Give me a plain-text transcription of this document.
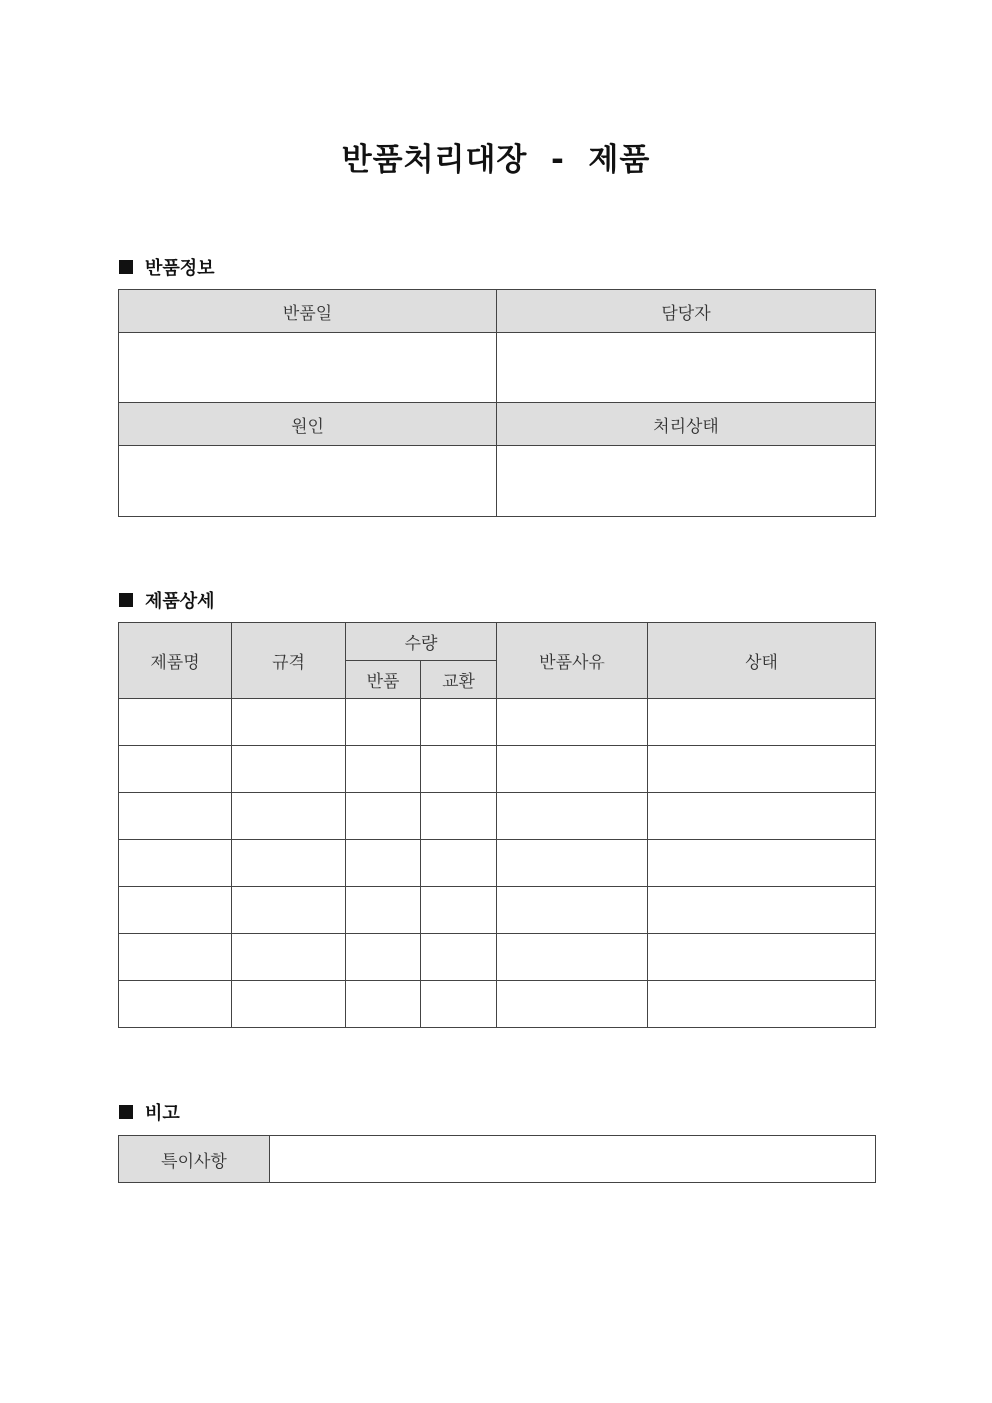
반품처리대장  -  제품
반품정보
반품일	담당자

원인	처리상태

제품상세
제품명	규격	수량		반품사유	상태
		반품	교환		

비고
특이사항	
